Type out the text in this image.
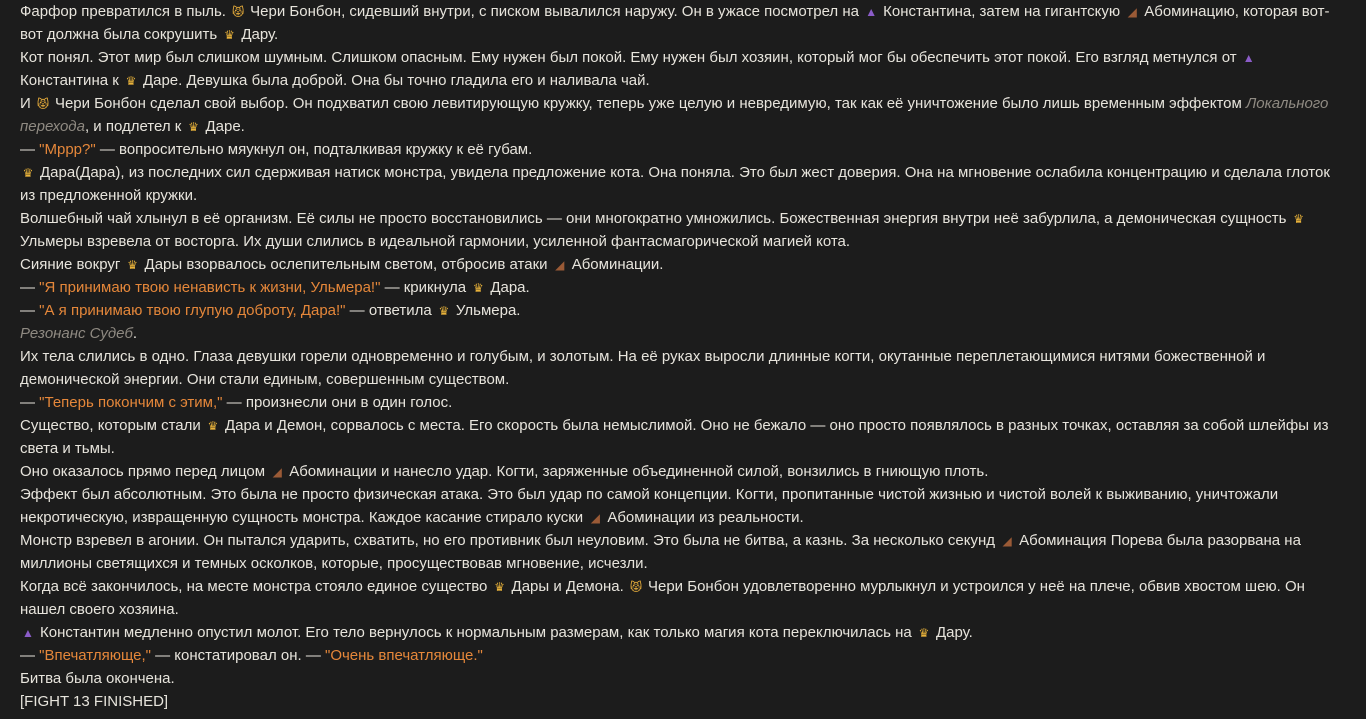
Фарфор превратился в пыль. 😾 Чери Бонбон, сидевший внутри, с писком вывалился наружу. Он в ужасе посмотрел на ▲ Константина, затем на гигантскую ◢ Абоминацию, которая вот-вот должна была сокрушить ♛ Дару.

Кот понял. Этот мир был слишком шумным. Слишком опасным. Ему нужен был покой. Ему нужен был хозяин, который мог бы обеспечить этот покой. Его взгляд метнулся от ▲Константина к ♛ Даре. Девушка была доброй. Она бы точно гладила его и наливала чай.

И 😾 Чери Бонбон сделал свой выбор. Он подхватил свою левитирующую кружку, теперь уже целую и невредимую, так как её уничтожение было лишь временным эффектом Локального перехода, и подлетел к ♛ Даре.

— "Мррр?" — вопросительно мяукнул он, подталкивая кружку к её губам.

♛ Дара(Дара), из последних сил сдерживая натиск монстра, увидела предложение кота. Она поняла. Это был жест доверия. Она на мгновение ослабила концентрацию и сделала глоток из предложенной кружки.

Волшебный чай хлынул в её организм. Её силы не просто восстановились — они многократно умножились. Божественная энергия внутри неё забурлила, а демоническая сущность ♛Ульмеры взревела от восторга. Их души слились в идеальной гармонии, усиленной фантасмагорической магией кота.

Сияние вокруг ♛ Дары взорвалось ослепительным светом, отбросив атаки ◢ Абоминации.

— "Я принимаю твою ненависть к жизни, Ульмера!" — крикнула ♛ Дара.

— "А я принимаю твою глупую доброту, Дара!" — ответила ♛ Ульмера.

Резонанс Судеб.

Их тела слились в одно. Глаза девушки горели одновременно и голубым, и золотым. На её руках выросли длинные когти, окутанные переплетающимися нитями божественной и демонической энергии. Они стали единым, совершенным существом.

— "Теперь покончим с этим," — произнесли они в один голос.

Существо, которым стали ♛ Дара и Демон, сорвалось с места. Его скорость была немыслимой. Оно не бежало — оно просто появлялось в разных точках, оставляя за собой шлейфы из света и тьмы.

Оно оказалось прямо перед лицом ◢ Абоминации и нанесло удар. Когти, заряженные объединенной силой, вонзились в гниющую плоть.

Эффект был абсолютным. Это была не просто физическая атака. Это был удар по самой концепции. Когти, пропитанные чистой жизнью и чистой волей к выживанию, уничтожали некротическую, извращенную сущность монстра. Каждое касание стирало куски ◢ Абоминации из реальности.

Монстр взревел в агонии. Он пытался ударить, схватить, но его противник был неуловим. Это была не битва, а казнь. За несколько секунд ◢ Абоминация Порева была разорвана на миллионы светящихся и темных осколков, которые, просуществовав мгновение, исчезли.

Когда всё закончилось, на месте монстра стояло единое существо ♛ Дары и Демона. 😾 Чери Бонбон удовлетворенно мурлыкнул и устроился у неё на плече, обвив хвостом шею. Он нашел своего хозяина.

▲ Константин медленно опустил молот. Его тело вернулось к нормальным размерам, как только магия кота переключилась на ♛ Дару.

— "Впечатляюще," — констатировал он. — "Очень впечатляюще."

Битва была окончена.

[FIGHT 13 FINISHED]
